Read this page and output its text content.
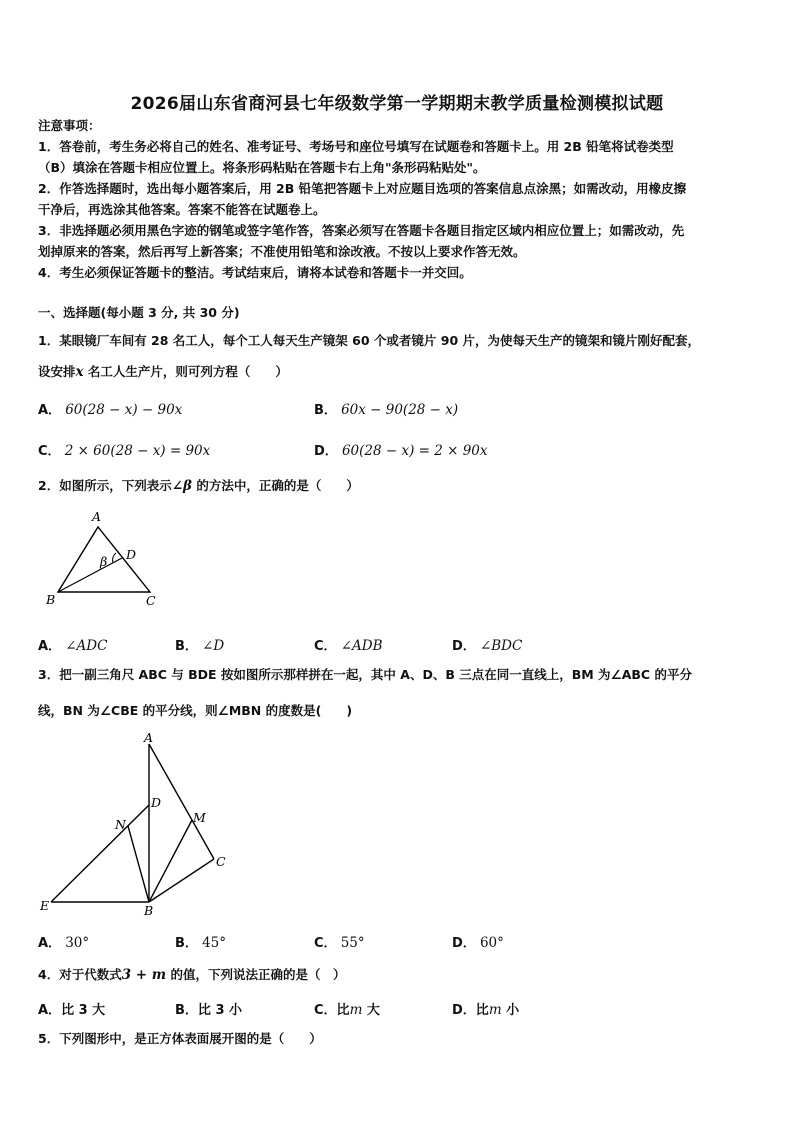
2026届山东省商河县七年级数学第一学期期末教学质量检测模拟试题
注意事项：
1．答卷前，考生务必将自己的姓名、准考证号、考场号和座位号填写在试题卷和答题卡上。用 2B 铅笔将试卷类型
（B）填涂在答题卡相应位置上。将条形码粘贴在答题卡右上角"条形码粘贴处"。
2．作答选择题时，选出每小题答案后，用 2B 铅笔把答题卡上对应题目选项的答案信息点涂黑；如需改动，用橡皮擦
干净后，再选涂其他答案。答案不能答在试题卷上。
3．非选择题必须用黑色字迹的钢笔或签字笔作答，答案必须写在答题卡各题目指定区域内相应位置上；如需改动，先
划掉原来的答案，然后再写上新答案；不准使用铅笔和涂改液。不按以上要求作答无效。
4．考生必须保证答题卡的整洁。考试结束后，请将本试卷和答题卡一并交回。
一、选择题(每小题 3 分, 共 30 分)
1．某眼镜厂车间有 28 名工人，每个工人每天生产镜架 60 个或者镜片 90 片，为使每天生产的镜架和镜片刚好配套，
设安排x 名工人生产片，则可列方程（　　）
A． 60(28 − x) − 90x	B． 60x − 90(28 − x)
C． 2 × 60(28 − x) = 90x	D． 60(28 − x) = 2 × 90x
2．如图所示，下列表示∠β 的方法中，正确的是（　　）
A
B	C
D
β
A． ∠ADC	B． ∠D	C． ∠ADB	D． ∠BDC
3．把一副三角尺 ABC 与 BDE 按如图所示那样拼在一起，其中 A、D、B 三点在同一直线上，BM 为∠ABC 的平分
线，BN 为∠CBE 的平分线，则∠MBN 的度数是(　　)
A
D
N	M
C
E	B
A． 30°	B． 45°	C． 55°	D． 60°
4．对于代数式3 + m 的值，下列说法正确的是（　）
A．比 3 大	B．比 3 小	C．比m 大	D．比m 小
5．下列图形中，是正方体表面展开图的是（　　）
